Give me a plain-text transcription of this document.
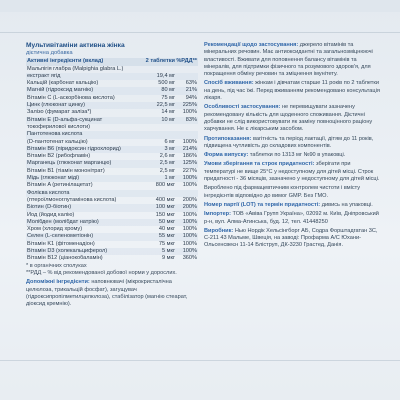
Мультивітаміни активна жінка
дієтична добавка
Активні інгредієнти (вклад)	2 таблетки %РДД**
Мальпігія глабра (Malpighia glabra L.)
екстракт ягід	19,4 мг
Кальцій (карбонат кальцію)	500 мг	63%
Магній (гідроксид магнію)	80 мг	21%
Вітамін C (L-аскорбінова кислота)	75 мг	94%
Цинк (глюконат цинку)	22,5 мг	225%
Залізо (фумарат заліза*)	14 мг	100%
Вітамін E (D-альфа-сукцинат	10 мг	83%
токоферилової кислоти)
Пантотенова кислота
(D-пантотенат кальцію)	6 мг	100%
Вітамін B6 (піридоксин гідрохлорид)	3 мг	214%
Вітамін B2 (рибофлавін)	2,6 мг	186%
Марганець (глюконат марганцю)	2,5 мг	125%
Вітамін B1 (тіамін мононітрат)	2,5 мг	227%
Мідь (глюконат міді)	1 мг	100%
Вітамін A (ретинілацетат)	800 мкг	100%
Фолієва кислота
(птероїлмоноглутамінова кислота)	400 мкг	200%
Біотин (D-біотин)	100 мкг	200%
Йод (йодид калію)	150 мкг	100%
Молібден (молібдат натрію)	50 мкг	100%
Хром (хлорид хрому)	40 мкг	100%
Селен (L-селенометіонін)	55 мкг	100%
Вітамін K1 (фітоменадіон)	75 мкг	100%
Вітамін D3 (холекальциферол)	5 мкг	100%
Вітамін B12 (ціанокобаламін)	9 мкг	360%
* в органічних сполуках
**РДД – % від рекомендованої добової норми у дорослих.
Допоміжні інгредієнти: наповнювачі (мікрокристалічна целюлоза, трикальцій фосфат), загущувач (гідроксипропілметилцелюлоза), стабілізатор (магнію стеарат, діоксид кремнію).
Рекомендації щодо застосування: джерело вітамінів та мінеральних речовин. Має антиоксидантні та загальнозміцнюючі властивості. Вживати для поповнення балансу вітамінів та мінералів, для підтримки фізичного та розумового здоров'я, для покращення обміну речовин та зміцнення імунітету.
Спосіб вживання: жінкам і дівчатам старше 11 років по 2 таблетки на день, під час їжі. Перед вживанням рекомендовано консультація лікаря.
Особливості застосування: не перевищувати зазначену рекомендовану кількість для щоденного споживання. Дієтичні добавки не слід використовувати як заміну повноцінного раціону харчування. Не є лікарським засобом.
Протипоказання: вагітність та період лактації, дітям до 11 років, підвищена чутливість до складових компонентів.
Форма випуску: таблетки по 1313 мг №90 в упаковці.
Умови зберігання та строк придатності: зберігати при температурі не вище 25°С у недоступному для дітей місці. Строк придатності - 36 місяців, зазначено у недоступному для дітей місці.
Вироблено під фармацевтичним контролем чистоти і вмісту інгредієнтів відповідно до вимог GMP. Без ГМО.
Номер партії (LOT) та термін придатності: дивись на упаковці.
Імпортер: ТОВ «Авіва Групп Україна», 02092 м. Київ, Дніпровський р-н, вул. Алма-Атинська, буд. 12, тел. 41448250
Виробник: Нью Нордік Хельсінгборг АБ, Содра Форштадгатан 3С, С-211 43 Мальме, Швеція, на заводі: Профарма А/С Юхани-Ольсенсвеєн 11-14 Бліструп, ДК-3230 Грастед, Данія.
